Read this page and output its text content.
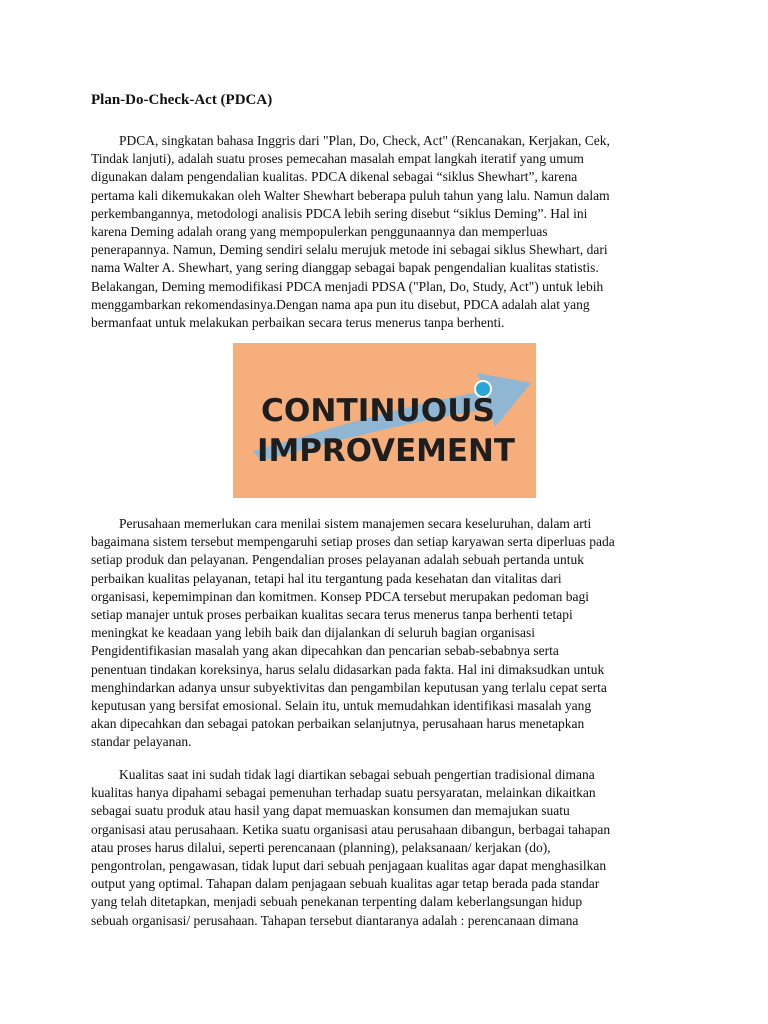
Plan-Do-Check-Act (PDCA)

PDCA, singkatan bahasa Inggris dari "Plan, Do, Check, Act" (Rencanakan, Kerjakan, Cek,
Tindak lanjuti), adalah suatu proses pemecahan masalah empat langkah iteratif yang umum
digunakan dalam pengendalian kualitas. PDCA dikenal sebagai “siklus Shewhart”, karena
pertama kali dikemukakan oleh Walter Shewhart beberapa puluh tahun yang lalu. Namun dalam
perkembangannya, metodologi analisis PDCA lebih sering disebut “siklus Deming”. Hal ini
karena Deming adalah orang yang mempopulerkan penggunaannya dan memperluas
penerapannya. Namun, Deming sendiri selalu merujuk metode ini sebagai siklus Shewhart, dari
nama Walter A. Shewhart, yang sering dianggap sebagai bapak pengendalian kualitas statistis.
Belakangan, Deming memodifikasi PDCA menjadi PDSA ("Plan, Do, Study, Act") untuk lebih
menggambarkan rekomendasinya.Dengan nama apa pun itu disebut, PDCA adalah alat yang
bermanfaat untuk melakukan perbaikan secara terus menerus tanpa berhenti.

CONTINUOUS
IMPROVEMENT

Perusahaan memerlukan cara menilai sistem manajemen secara keseluruhan, dalam arti
bagaimana sistem tersebut mempengaruhi setiap proses dan setiap karyawan serta diperluas pada
setiap produk dan pelayanan. Pengendalian proses pelayanan adalah sebuah pertanda untuk
perbaikan kualitas pelayanan, tetapi hal itu tergantung pada kesehatan dan vitalitas dari
organisasi, kepemimpinan dan komitmen. Konsep PDCA tersebut merupakan pedoman bagi
setiap manajer untuk proses perbaikan kualitas secara terus menerus tanpa berhenti tetapi
meningkat ke keadaan yang lebih baik dan dijalankan di seluruh bagian organisasi
Pengidentifikasian masalah yang akan dipecahkan dan pencarian sebab-sebabnya serta
penentuan tindakan koreksinya, harus selalu didasarkan pada fakta. Hal ini dimaksudkan untuk
menghindarkan adanya unsur subyektivitas dan pengambilan keputusan yang terlalu cepat serta
keputusan yang bersifat emosional. Selain itu, untuk memudahkan identifikasi masalah yang
akan dipecahkan dan sebagai patokan perbaikan selanjutnya, perusahaan harus menetapkan
standar pelayanan.

Kualitas saat ini sudah tidak lagi diartikan sebagai sebuah pengertian tradisional dimana
kualitas hanya dipahami sebagai pemenuhan terhadap suatu persyaratan, melainkan dikaitkan
sebagai suatu produk atau hasil yang dapat memuaskan konsumen dan memajukan suatu
organisasi atau perusahaan. Ketika suatu organisasi atau perusahaan dibangun, berbagai tahapan
atau proses harus dilalui, seperti perencanaan (planning), pelaksanaan/ kerjakan (do),
pengontrolan, pengawasan, tidak luput dari sebuah penjagaan kualitas agar dapat menghasilkan
output yang optimal. Tahapan dalam penjagaan sebuah kualitas agar tetap berada pada standar
yang telah ditetapkan, menjadi sebuah penekanan terpenting dalam keberlangsungan hidup
sebuah organisasi/ perusahaan. Tahapan tersebut diantaranya adalah : perencanaan dimana
